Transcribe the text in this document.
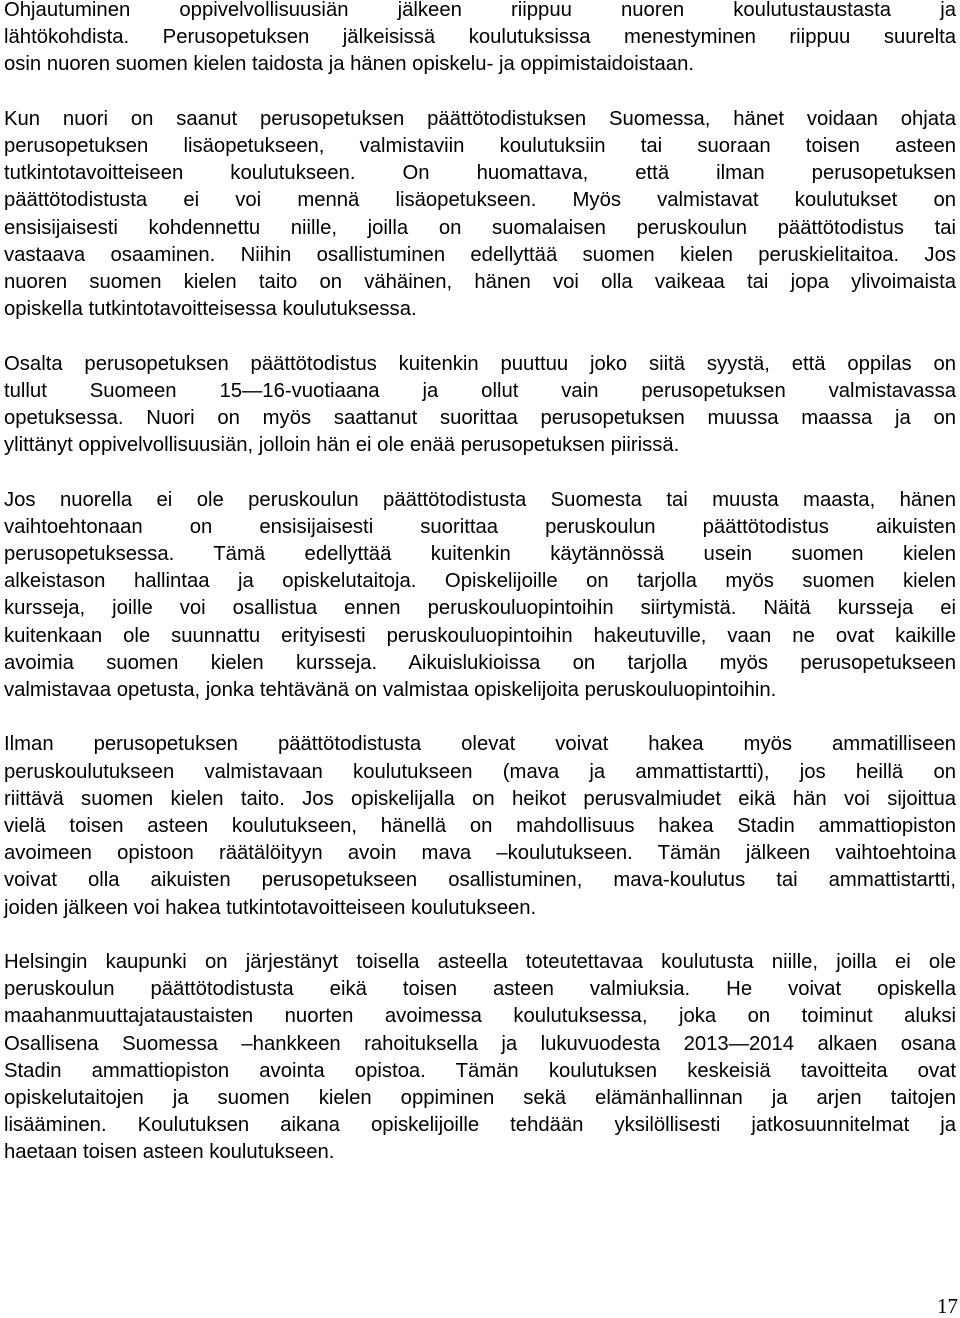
Ohjautuminen oppivelvollisuusiän jälkeen riippuu nuoren koulutustaustasta ja
lähtökohdista. Perusopetuksen jälkeisissä koulutuksissa menestyminen riippuu suurelta
osin nuoren suomen kielen taidosta ja hänen opiskelu- ja oppimistaidoistaan.
Kun nuori on saanut perusopetuksen päättötodistuksen Suomessa, hänet voidaan ohjata
perusopetuksen lisäopetukseen, valmistaviin koulutuksiin tai suoraan toisen asteen
tutkintotavoitteiseen koulutukseen. On huomattava, että ilman perusopetuksen
päättötodistusta ei voi mennä lisäopetukseen. Myös valmistavat koulutukset on
ensisijaisesti kohdennettu niille, joilla on suomalaisen peruskoulun päättötodistus tai
vastaava osaaminen. Niihin osallistuminen edellyttää suomen kielen peruskielitaitoa. Jos
nuoren suomen kielen taito on vähäinen, hänen voi olla vaikeaa tai jopa ylivoimaista
opiskella tutkintotavoitteisessa koulutuksessa.
Osalta perusopetuksen päättötodistus kuitenkin puuttuu joko siitä syystä, että oppilas on
tullut Suomeen 15—16-vuotiaana ja ollut vain perusopetuksen valmistavassa
opetuksessa. Nuori on myös saattanut suorittaa perusopetuksen muussa maassa ja on
ylittänyt oppivelvollisuusiän, jolloin hän ei ole enää perusopetuksen piirissä.
Jos nuorella ei ole peruskoulun päättötodistusta Suomesta tai muusta maasta, hänen
vaihtoehtonaan on ensisijaisesti suorittaa peruskoulun päättötodistus aikuisten
perusopetuksessa. Tämä edellyttää kuitenkin käytännössä usein suomen kielen
alkeistason hallintaa ja opiskelutaitoja. Opiskelijoille on tarjolla myös suomen kielen
kursseja, joille voi osallistua ennen peruskouluopintoihin siirtymistä. Näitä kursseja ei
kuitenkaan ole suunnattu erityisesti peruskouluopintoihin hakeutuville, vaan ne ovat kaikille
avoimia suomen kielen kursseja. Aikuislukioissa on tarjolla myös perusopetukseen
valmistavaa opetusta, jonka tehtävänä on valmistaa opiskelijoita peruskouluopintoihin.
Ilman perusopetuksen päättötodistusta olevat voivat hakea myös ammatilliseen
peruskoulutukseen valmistavaan koulutukseen (mava ja ammattistartti), jos heillä on
riittävä suomen kielen taito. Jos opiskelijalla on heikot perusvalmiudet eikä hän voi sijoittua
vielä toisen asteen koulutukseen, hänellä on mahdollisuus hakea Stadin ammattiopiston
avoimeen opistoon räätälöityyn avoin mava –koulutukseen. Tämän jälkeen vaihtoehtoina
voivat olla aikuisten perusopetukseen osallistuminen, mava-koulutus tai ammattistartti,
joiden jälkeen voi hakea tutkintotavoitteiseen koulutukseen.
Helsingin kaupunki on järjestänyt toisella asteella toteutettavaa koulutusta niille, joilla ei ole
peruskoulun päättötodistusta eikä toisen asteen valmiuksia. He voivat opiskella
maahanmuuttajataustaisten nuorten avoimessa koulutuksessa, joka on toiminut aluksi
Osallisena Suomessa –hankkeen rahoituksella ja lukuvuodesta 2013—2014 alkaen osana
Stadin ammattiopiston avointa opistoa. Tämän koulutuksen keskeisiä tavoitteita ovat
opiskelutaitojen ja suomen kielen oppiminen sekä elämänhallinnan ja arjen taitojen
lisääminen. Koulutuksen aikana opiskelijoille tehdään yksilöllisesti jatkosuunnitelmat ja
haetaan toisen asteen koulutukseen.
17
